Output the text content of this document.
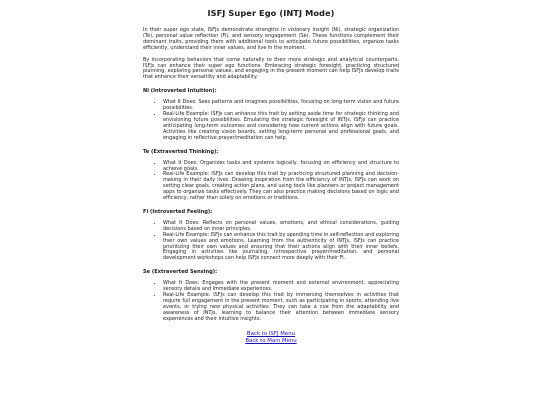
ISFJ Super Ego (INTJ Mode)

In their super ego state, ISFJs demonstrate strengths in visionary insight (Ni), strategic organization (Te), personal value reflection (Fi), and sensory engagement (Se). These functions complement their dominant traits, providing them with additional tools to anticipate future possibilities, organize tasks efficiently, understand their inner values, and live in the moment.

By incorporating behaviors that come naturally to their more strategic and analytical counterparts, ISFJs can enhance their super ego functions. Embracing strategic foresight, practicing structured planning, exploring personal values, and engaging in the present moment can help ISFJs develop traits that enhance their versatility and adaptability.

Ni (Introverted Intuition):
• What It Does: Sees patterns and imagines possibilities, focusing on long-term vision and future possibilities.
• Real-Life Example: ISFJs can enhance this trait by setting aside time for strategic thinking and envisioning future possibilities. Emulating the strategic foresight of INTJs, ISFJs can practice anticipating long-term outcomes and considering how current actions align with future goals. Activities like creating vision boards, setting long-term personal and professional goals, and engaging in reflective prayer/meditation can help.
Te (Extraverted Thinking):
• What It Does: Organizes tasks and systems logically, focusing on efficiency and structure to achieve goals.
• Real-Life Example: ISFJs can develop this trait by practicing structured planning and decision-making in their daily lives. Drawing inspiration from the efficiency of INTJs, ISFJs can work on setting clear goals, creating action plans, and using tools like planners or project management apps to organize tasks effectively. They can also practice making decisions based on logic and efficiency, rather than solely on emotions or traditions.
Fi (Introverted Feeling):
• What It Does: Reflects on personal values, emotions, and ethical considerations, guiding decisions based on inner principles.
• Real-Life Example: ISFJs can enhance this trait by spending time in self-reflection and exploring their own values and emotions. Learning from the authenticity of INTJs, ISFJs can practice prioritizing their own values and ensuring that their actions align with their inner beliefs. Engaging in activities like journaling, introspective prayer/meditation, and personal development workshops can help ISFJs connect more deeply with their Fi.
Se (Extraverted Sensing):
• What It Does: Engages with the present moment and external environment, appreciating sensory details and immediate experiences.
• Real-Life Example: ISFJs can develop this trait by immersing themselves in activities that require full engagement in the present moment, such as participating in sports, attending live events, or trying new physical activities. They can take a cue from the adaptability and awareness of INTJs, learning to balance their attention between immediate sensory experiences and their intuitive insights.
Back to ISFJ Menu
Back to Main Menu
